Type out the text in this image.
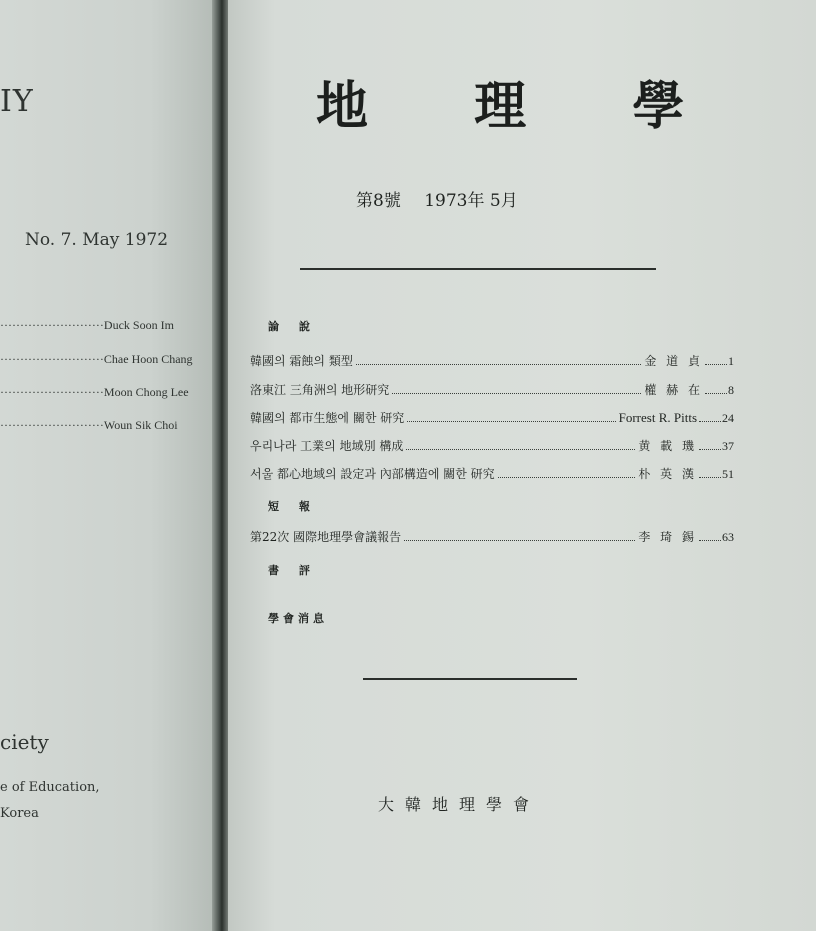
IY
No. 7. May 1972
··························Duck Soon Im
··························Chae Hoon Chang
··························Moon Chong Lee
··························Woun Sik Choi
ciety
e of Education,
Korea
地 理 學
第8號 1973年 5月
論 說
韓國의 霜蝕의 類型	金 道 貞 1
洛東江 三角洲의 地形研究	權 赫 在 8
韓國의 都市生態에 關한 研究	Forrest R. Pitts 24
우리나라 工業의 地域別 構成	黄 載 璣 37
서울 都心地域의 設定과 內部構造에 關한 研究	朴 英 漢 51
短 報
第22次 國際地理學會議報告	李 琦 錫 63
書 評
學會消息
大韓地理學會
